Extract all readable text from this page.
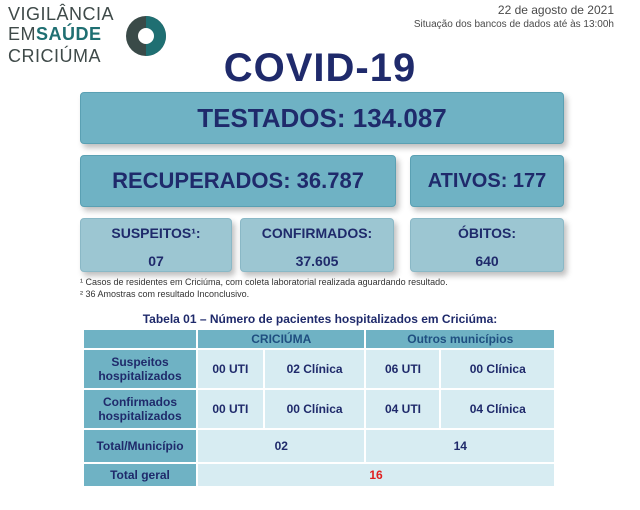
VIGILÂNCIA
EMSAÚDE
CRICIÚMA
22 de agosto de 2021
Situação dos bancos de dados até às 13:00h
COVID-19
TESTADOS: 134.087
RECUPERADOS: 36.787	ATIVOS: 177
SUSPEITOS¹:
07
CONFIRMADOS:
37.605
ÓBITOS:
640
¹ Casos de residentes em Criciúma, com coleta laboratorial realizada aguardando resultado.
² 36 Amostras com resultado Inconclusivo.
Tabela 01 – Número de pacientes hospitalizados em Criciúma:
	CRICIÚMA		Outros municípios	
Suspeitos hospitalizados	00 UTI	02 Clínica	06 UTI	00 Clínica
Confirmados hospitalizados	00 UTI	00 Clínica	04 UTI	04 Clínica
Total/Município	02		14	
Total geral	16			
